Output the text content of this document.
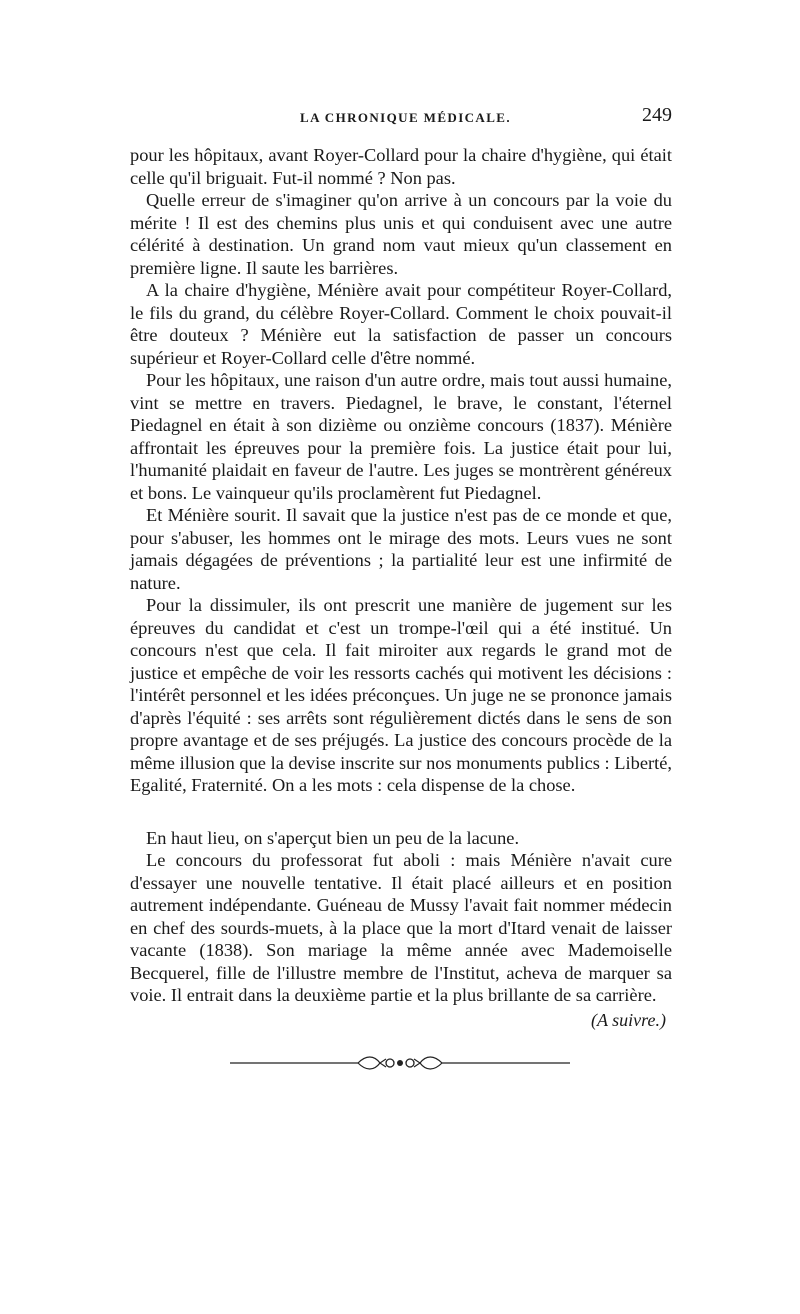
LA CHRONIQUE MÉDICALE.	249

pour les hôpitaux, avant Royer-Collard pour la chaire d'hygiène, qui était celle qu'il briguait. Fut-il nommé ? Non pas.

Quelle erreur de s'imaginer qu'on arrive à un concours par la voie du mérite ! Il est des chemins plus unis et qui conduisent avec une autre célérité à destination. Un grand nom vaut mieux qu'un classement en première ligne. Il saute les barrières.

A la chaire d'hygiène, Ménière avait pour compétiteur Royer-Collard, le fils du grand, du célèbre Royer-Collard. Comment le choix pouvait-il être douteux ? Ménière eut la satisfaction de passer un concours supérieur et Royer-Collard celle d'être nommé.

Pour les hôpitaux, une raison d'un autre ordre, mais tout aussi humaine, vint se mettre en travers. Piedagnel, le brave, le constant, l'éternel Piedagnel en était à son dizième ou onzième concours (1837). Ménière affrontait les épreuves pour la première fois. La justice était pour lui, l'humanité plaidait en faveur de l'autre. Les juges se montrèrent généreux et bons. Le vainqueur qu'ils proclamèrent fut Piedagnel.

Et Ménière sourit. Il savait que la justice n'est pas de ce monde et que, pour s'abuser, les hommes ont le mirage des mots. Leurs vues ne sont jamais dégagées de préventions ; la partialité leur est une infirmité de nature.

Pour la dissimuler, ils ont prescrit une manière de jugement sur les épreuves du candidat et c'est un trompe-l'œil qui a été institué. Un concours n'est que cela. Il fait miroiter aux regards le grand mot de justice et empêche de voir les ressorts cachés qui motivent les décisions : l'intérêt personnel et les idées préconçues. Un juge ne se prononce jamais d'après l'équité : ses arrêts sont régulièrement dictés dans le sens de son propre avantage et de ses préjugés. La justice des concours procède de la même illusion que la devise inscrite sur nos monuments publics : Liberté, Egalité, Fraternité. On a les mots : cela dispense de la chose.

En haut lieu, on s'aperçut bien un peu de la lacune.

Le concours du professorat fut aboli : mais Ménière n'avait cure d'essayer une nouvelle tentative. Il était placé ailleurs et en position autrement indépendante. Guéneau de Mussy l'avait fait nommer médecin en chef des sourds-muets, à la place que la mort d'Itard venait de laisser vacante (1838). Son mariage la même année avec Mademoiselle Becquerel, fille de l'illustre membre de l'Institut, acheva de marquer sa voie. Il entrait dans la deuxième partie et la plus brillante de sa carrière.

(A suivre.)
